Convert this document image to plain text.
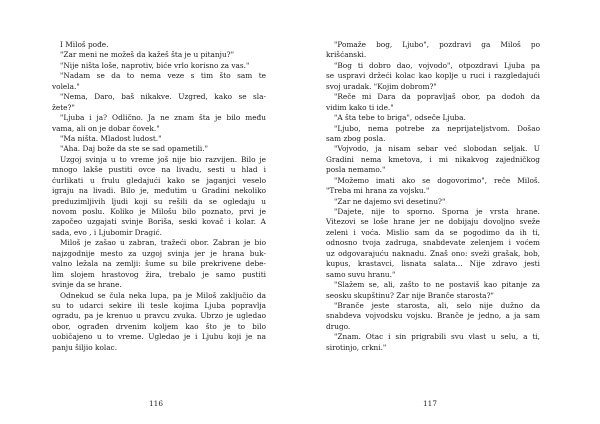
I Miloš pođe.
"Zar meni ne možeš da kažeš šta je u pitanju?"
"Nije ništa loše, naprotiv, biće vrlo korisno za vas."
"Nadam se da to nema veze s tim što sam te
volela."
"Nema, Daro, baš nikakve. Uzgred, kako se sla-
žete?"
"Ljuba i ja? Odlično. Ja ne znam šta je bilo među
vama, ali on je dobar čovek."
"Ma ništa. Mladost ludost."
"Aha. Daj bože da ste se sad opametili."
Uzgoj svinja u to vreme još nije bio razvijen. Bilo je
mnogo lakše pustiti ovce na livadu, sesti u hlad i
ćurlikati u frulu gledajući kako se jaganjci veselo
igraju na livadi. Bilo je, međutim u Gradini nekoliko
preduzimljivih ljudi koji su rešili da se ogledaju u
novom poslu. Koliko je Milošu bilo poznato, prvi je
započeo uzgajati svinje Boriša, seski kovač i kolar. A
sada, evo , i Ljubomir Dragić.
Miloš je zašao u zabran, tražeći obor. Zabran je bio
najzgodnije mesto za uzgoj svinja jer je hrana buk-
valno ležala na zemlji: šume su bile prekrivene debe-
lim slojem hrastovog žira, trebalo je samo pustiti
svinje da se hrane.
Odnekud se čula neka lupa, pa je Miloš zaključio da
su to udarci sekire ili tesle kojima Ljuba popravlja
ogradu, pa je krenuo u pravcu zvuka. Ubrzo je ugledao
obor, ograđen drvenim koljem kao što je to bilo
uobičajeno u to vreme. Ugledao je i Ljubu koji je na
panju šiljio kolac.
"Pomaže bog, Ljubo", pozdravi ga Miloš po
krišćanski.
"Bog ti dobro dao, vojvodo", otpozdravi Ljuba pa
se uspravi držeći kolac kao koplje u ruci i razgledajući
svoj uradak. "Kojim dobrom?"
"Reče mi Dara da popravljaš obor, pa dođoh da
vidim kako ti ide."
"A šta tebe to briga", odseče Ljuba.
"Ljubo, nema potrebe za neprijateljstvom. Došao
sam zbog posla.
"Vojvodo, ja nisam sebar već slobodan seljak. U
Gradini nema kmetova, i mi nikakvog zajedničkog
posla nemamo."
"Možemo imati ako se dogovorimo", reče Miloš.
"Treba mi hrana za vojsku."
"Zar ne dajemo svi desetinu?"
"Dajete, nije to sporno. Sporna je vrsta hrane.
Vitezovi se loše hrane jer ne dobijaju dovoljno sveže
zeleni i voća. Mislio sam da se pogodimo da ih ti,
odnosno tvoja zadruga, snabdevate zelenjem i voćem
uz odgovarajuću naknadu. Znaš ono: sveži grašak, bob,
kupus, krastavci, lisnata salata... Nije zdravo jesti
samo suvu hranu."
"Slažem se, ali, zašto to ne postaviš kao pitanje za
seosku skupštinu? Zar nije Branče starosta?"
"Branče jeste starosta, ali, selo nije dužno da
snabdeva vojvodsku vojsku. Branče je jedno, a ja sam
drugo.
"Znam. Otac i sin prigrabili svu vlast u selu, a ti,
sirotinjo, crkni."
116	117
